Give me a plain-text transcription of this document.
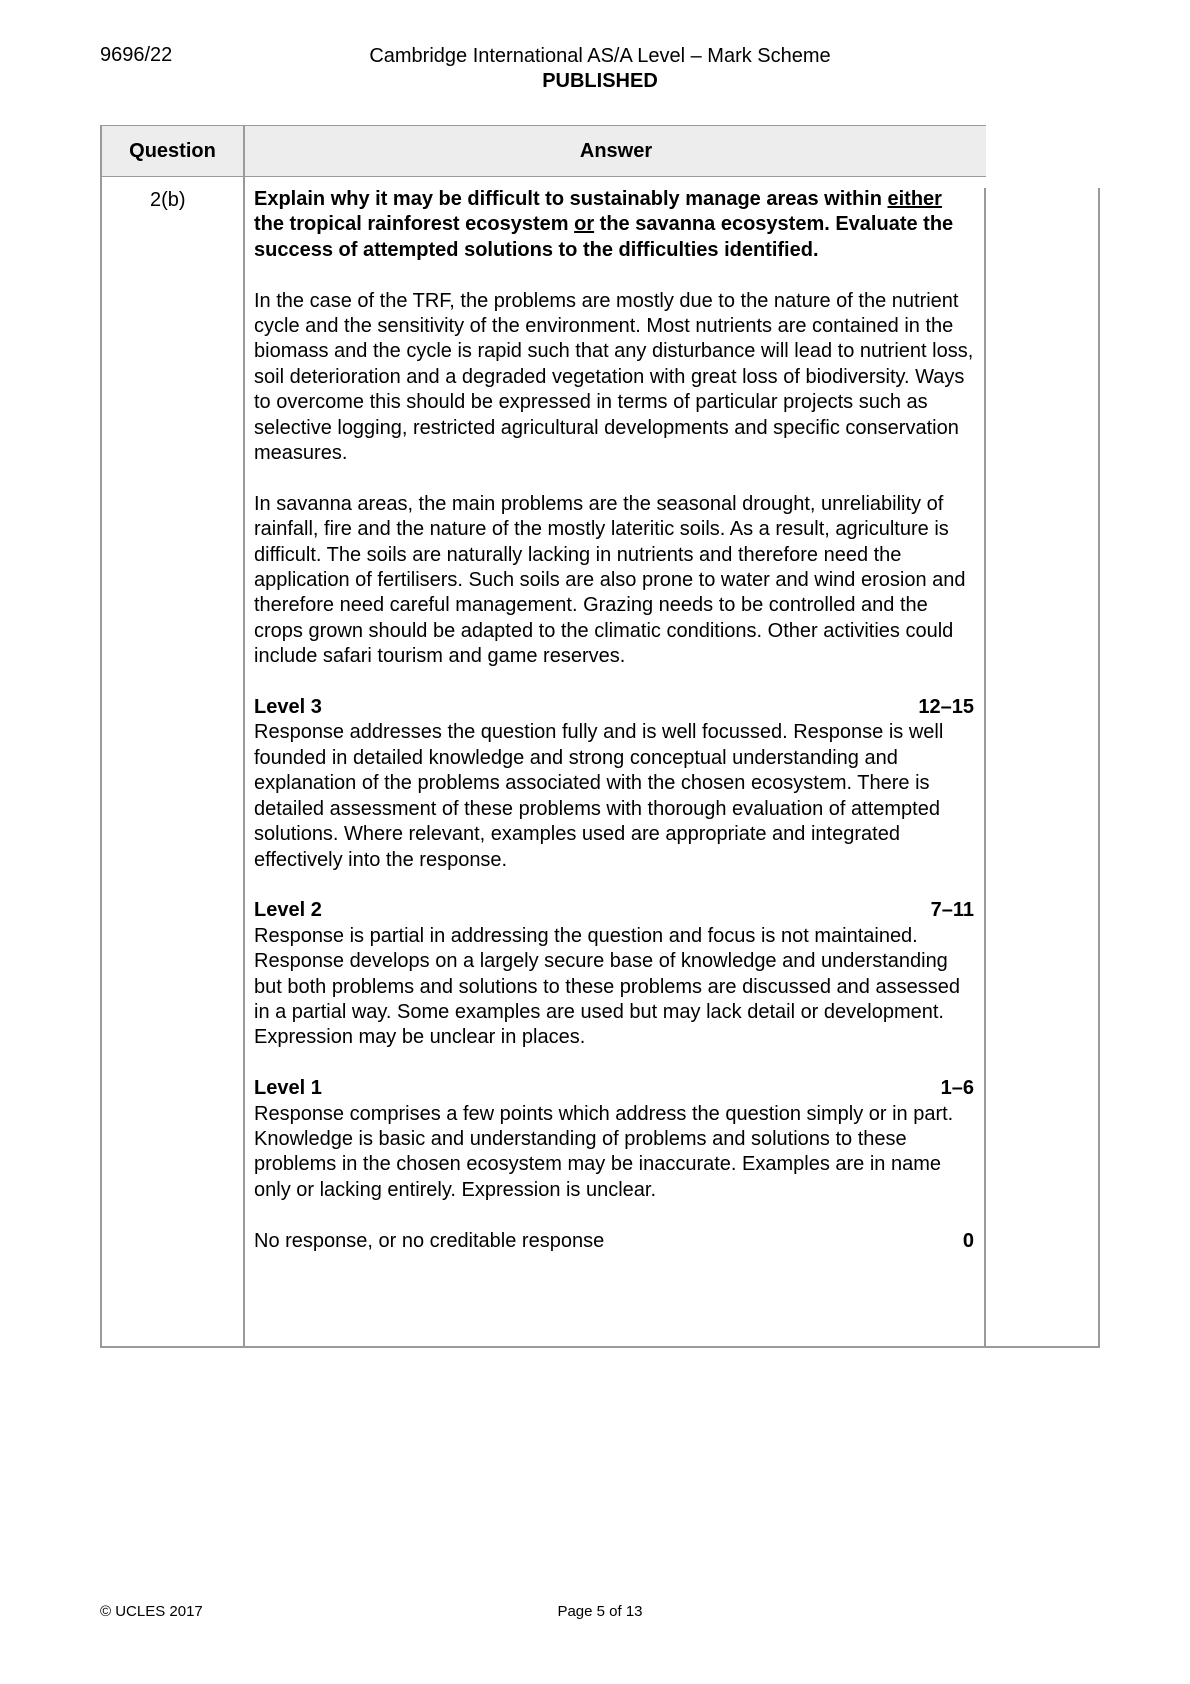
9696/22	Cambridge International AS/A Level – Mark Scheme
PUBLISHED
Question	Answer
2(b)	Explain why it may be difficult to sustainably manage areas within either the tropical rainforest ecosystem or the savanna ecosystem. Evaluate the success of attempted solutions to the difficulties identified.

In the case of the TRF, the problems are mostly due to the nature of the nutrient cycle and the sensitivity of the environment. Most nutrients are contained in the biomass and the cycle is rapid such that any disturbance will lead to nutrient loss, soil deterioration and a degraded vegetation with great loss of biodiversity. Ways to overcome this should be expressed in terms of particular projects such as selective logging, restricted agricultural developments and specific conservation measures.

In savanna areas, the main problems are the seasonal drought, unreliability of rainfall, fire and the nature of the mostly lateritic soils. As a result, agriculture is difficult. The soils are naturally lacking in nutrients and therefore need the application of fertilisers. Such soils are also prone to water and wind erosion and therefore need careful management. Grazing needs to be controlled and the crops grown should be adapted to the climatic conditions. Other activities could include safari tourism and game reserves.

Level 3	12–15
Response addresses the question fully and is well focussed. Response is well founded in detailed knowledge and strong conceptual understanding and explanation of the problems associated with the chosen ecosystem. There is detailed assessment of these problems with thorough evaluation of attempted solutions. Where relevant, examples used are appropriate and integrated effectively into the response.
Level 2	7–11
Response is partial in addressing the question and focus is not maintained. Response develops on a largely secure base of knowledge and understanding but both problems and solutions to these problems are discussed and assessed in a partial way. Some examples are used but may lack detail or development. Expression may be unclear in places.
Level 1	1–6
Response comprises a few points which address the question simply or in part. Knowledge is basic and understanding of problems and solutions to these problems in the chosen ecosystem may be inaccurate. Examples are in name only or lacking entirely. Expression is unclear.
No response, or no creditable response	0
© UCLES 2017	Page 5 of 13
